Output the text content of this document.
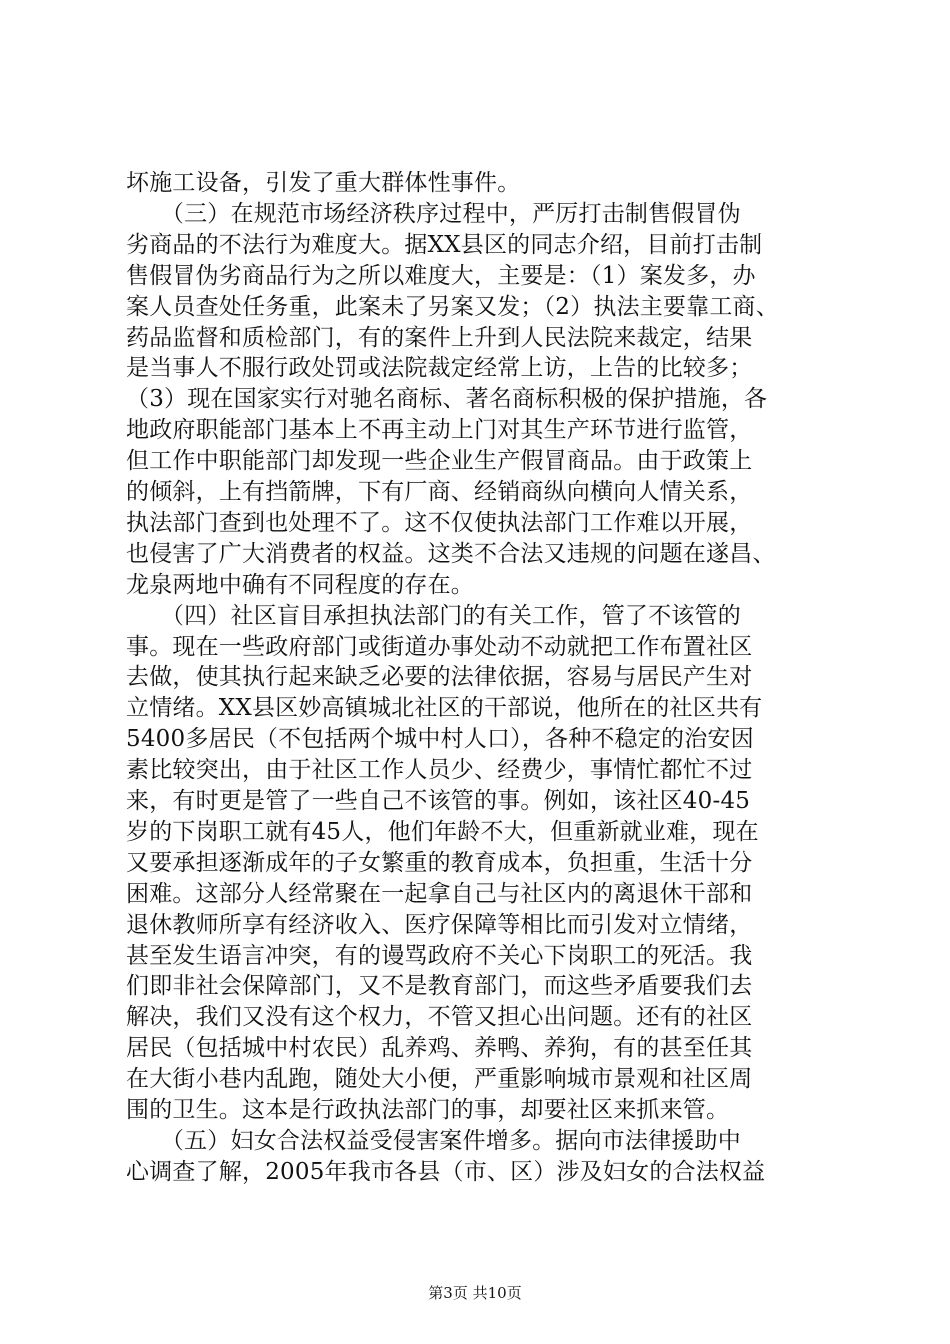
坏施工设备，引发了重大群体性事件。
　　（三）在规范市场经济秩序过程中，严厉打击制售假冒伪
劣商品的不法行为难度大。据XX县区的同志介绍，目前打击制
售假冒伪劣商品行为之所以难度大，主要是：（1）案发多，办
案人员查处任务重，此案未了另案又发；（2）执法主要靠工商、
药品监督和质检部门，有的案件上升到人民法院来裁定，结果
是当事人不服行政处罚或法院裁定经常上访，上告的比较多；
（3）现在国家实行对驰名商标、著名商标积极的保护措施，各
地政府职能部门基本上不再主动上门对其生产环节进行监管，
但工作中职能部门却发现一些企业生产假冒商品。由于政策上
的倾斜，上有挡箭牌，下有厂商、经销商纵向横向人情关系，
执法部门查到也处理不了。这不仅使执法部门工作难以开展，
也侵害了广大消费者的权益。这类不合法又违规的问题在遂昌、
龙泉两地中确有不同程度的存在。
　　（四）社区盲目承担执法部门的有关工作，管了不该管的
事。现在一些政府部门或街道办事处动不动就把工作布置社区
去做，使其执行起来缺乏必要的法律依据，容易与居民产生对
立情绪。XX县区妙高镇城北社区的干部说，他所在的社区共有
5400多居民（不包括两个城中村人口），各种不稳定的治安因
素比较突出，由于社区工作人员少、经费少，事情忙都忙不过
来，有时更是管了一些自己不该管的事。例如，该社区40-45
岁的下岗职工就有45人，他们年龄不大，但重新就业难，现在
又要承担逐渐成年的子女繁重的教育成本，负担重，生活十分
困难。这部分人经常聚在一起拿自己与社区内的离退休干部和
退休教师所享有经济收入、医疗保障等相比而引发对立情绪，
甚至发生语言冲突，有的谩骂政府不关心下岗职工的死活。我
们即非社会保障部门，又不是教育部门，而这些矛盾要我们去
解决，我们又没有这个权力，不管又担心出问题。还有的社区
居民（包括城中村农民）乱养鸡、养鸭、养狗，有的甚至任其
在大街小巷内乱跑，随处大小便，严重影响城市景观和社区周
围的卫生。这本是行政执法部门的事，却要社区来抓来管。
　　（五）妇女合法权益受侵害案件增多。据向市法律援助中
心调查了解，2005年我市各县（市、区）涉及妇女的合法权益
第3页 共10页
